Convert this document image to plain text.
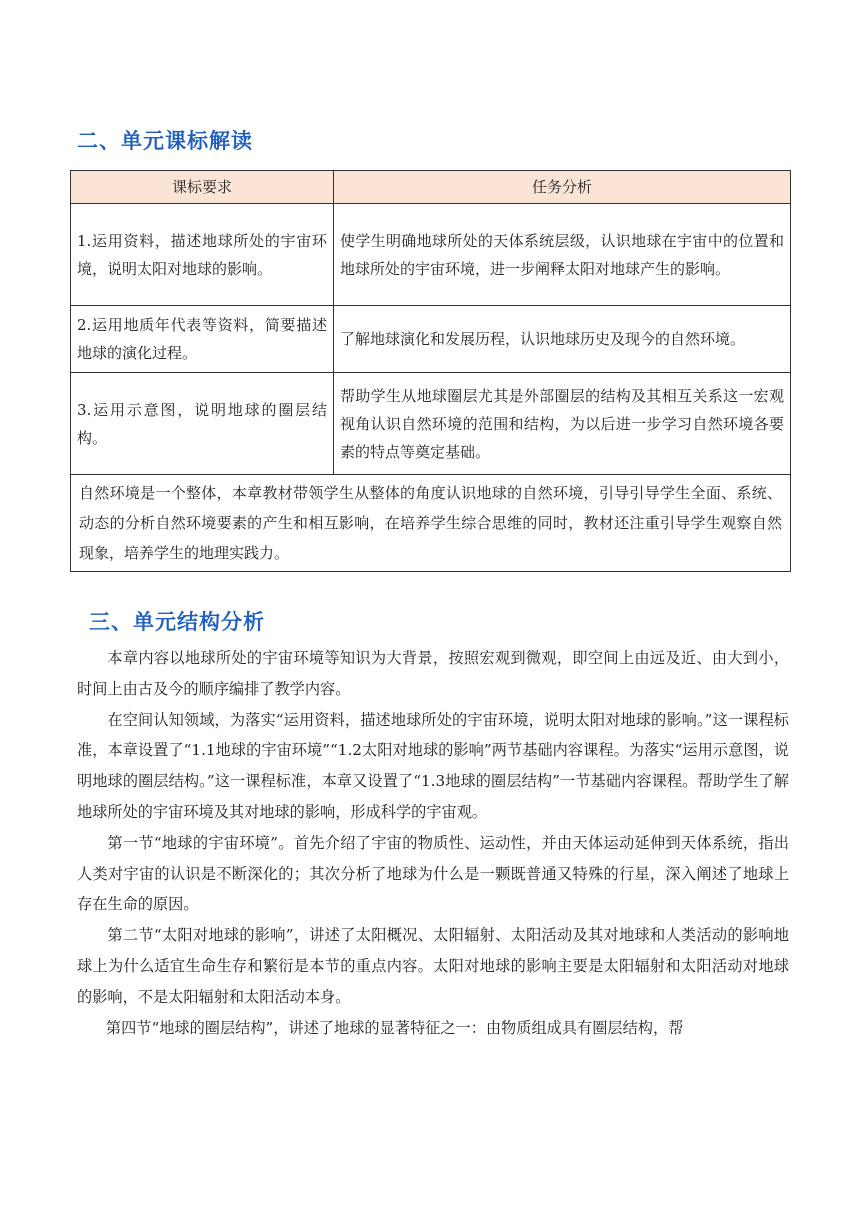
二、单元课标解读
课标要求	任务分析
1.运用资料，描述地球所处的宇宙环境，说明太阳对地球的影响。	使学生明确地球所处的天体系统层级，认识地球在宇宙中的位置和地球所处的宇宙环境，进一步阐释太阳对地球产生的影响。
2.运用地质年代表等资料，简要描述地球的演化过程。	了解地球演化和发展历程，认识地球历史及现今的自然环境。
3.运用示意图，说明地球的圈层结构。	帮助学生从地球圈层尤其是外部圈层的结构及其相互关系这一宏观视角认识自然环境的范围和结构，为以后进一步学习自然环境各要素的特点等奠定基础。
自然环境是一个整体，本章教材带领学生从整体的角度认识地球的自然环境，引导引导学生全面、系统、动态的分析自然环境要素的产生和相互影响，在培养学生综合思维的同时，教材还注重引导学生观察自然现象，培养学生的地理实践力。	
三、单元结构分析

本章内容以地球所处的宇宙环境等知识为大背景，按照宏观到微观，即空间上由远及近、由大到小，时间上由古及今的顺序编排了教学内容。

在空间认知领域，为落实“运用资料，描述地球所处的宇宙环境，说明太阳对地球的影响。”这一课程标准，本章设置了“1.1地球的宇宙环境”“1.2太阳对地球的影响”两节基础内容课程。为落实“运用示意图，说明地球的圈层结构。”这一课程标准，本章又设置了“1.3地球的圈层结构”一节基础内容课程。帮助学生了解地球所处的宇宙环境及其对地球的影响，形成科学的宇宙观。

第一节“地球的宇宙环境”。首先介绍了宇宙的物质性、运动性，并由天体运动延伸到天体系统，指出人类对宇宙的认识是不断深化的；其次分析了地球为什么是一颗既普通又特殊的行星，深入阐述了地球上存在生命的原因。

第二节“太阳对地球的影响”，讲述了太阳概况、太阳辐射、太阳活动及其对地球和人类活动的影响地球上为什么适宜生命生存和繁衍是本节的重点内容。太阳对地球的影响主要是太阳辐射和太阳活动对地球的影响，不是太阳辐射和太阳活动本身。

第四节“地球的圈层结构”，讲述了地球的显著特征之一：由物质组成具有圈层结构，帮
